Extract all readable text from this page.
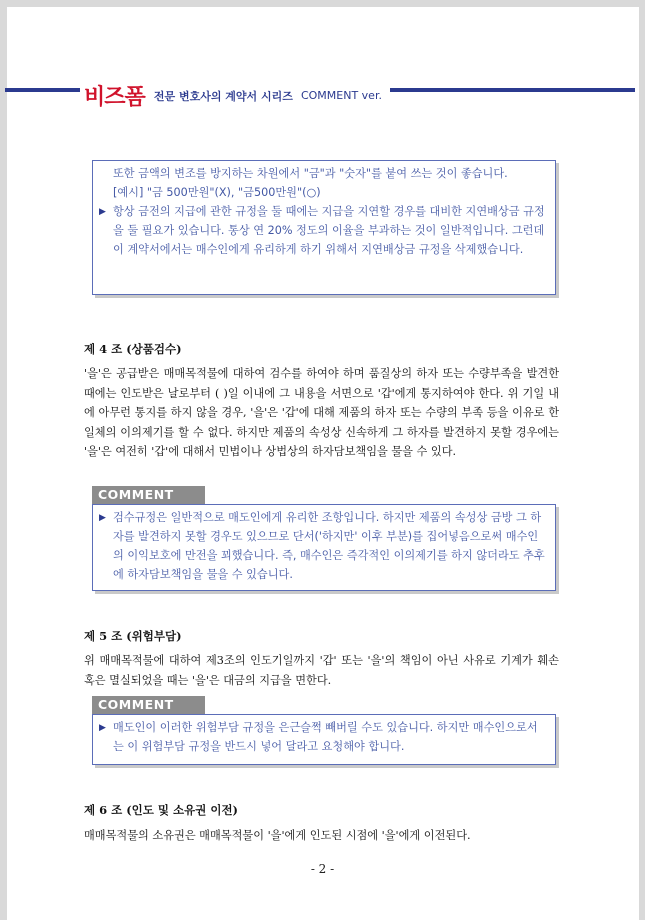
비즈폼 전문 변호사의 계약서 시리즈 COMMENT ver.

또한 금액의 변조를 방지하는 차원에서 "금"과 "숫자"를 붙여 쓰는 것이 좋습니다.

[예시] "금 500만원"(X), "금500만원"(○)

▶ 항상 금전의 지급에 관한 규정을 둘 때에는 지급을 지연할 경우를 대비한 지연배상금 규정을 둘 필요가 있습니다. 통상 연 20% 정도의 이율을 부과하는 것이 일반적입니다. 그런데 이 계약서에서는 매수인에게 유리하게 하기 위해서 지연배상금 규정을 삭제했습니다.
제 4 조 (상품검수)

'을'은 공급받은 매매목적물에 대하여 검수를 하여야 하며 품질상의 하자 또는 수량부족을 발견한 때에는 인도받은 날로부터 ( )일 이내에 그 내용을 서면으로 '갑'에게 통지하여야 한다. 위 기일 내에 아무런 통지를 하지 않을 경우, '을'은 '갑'에 대해 제품의 하자 또는 수량의 부족 등을 이유로 한 일체의 이의제기를 할 수 없다. 하지만 제품의 속성상 신속하게 그 하자를 발견하지 못할 경우에는 '을'은 여전히 '갑'에 대해서 민법이나 상법상의 하자담보책임을 물을 수 있다.

COMMENT
▶ 검수규정은 일반적으로 매도인에게 유리한 조항입니다. 하지만 제품의 속성상 금방 그 하자를 발견하지 못할 경우도 있으므로 단서('하지만' 이후 부분)를 집어넣음으로써 매수인의 이익보호에 만전을 꾀했습니다. 즉, 매수인은 즉각적인 이의제기를 하지 않더라도 추후에 하자담보책임을 물을 수 있습니다.
제 5 조 (위험부담)

위 매매목적물에 대하여 제3조의 인도기일까지 '갑' 또는 '을'의 책임이 아닌 사유로 기계가 훼손 혹은 멸실되었을 때는 '을'은 대금의 지급을 면한다.

COMMENT
▶ 매도인이 이러한 위험부담 규정을 은근슬쩍 빼버릴 수도 있습니다. 하지만 매수인으로서는 이 위험부담 규정을 반드시 넣어 달라고 요청해야 합니다.
제 6 조 (인도 및 소유권 이전)

매매목적물의 소유권은 매매목적물이 '을'에게 인도된 시점에 '을'에게 이전된다.

- 2 -
